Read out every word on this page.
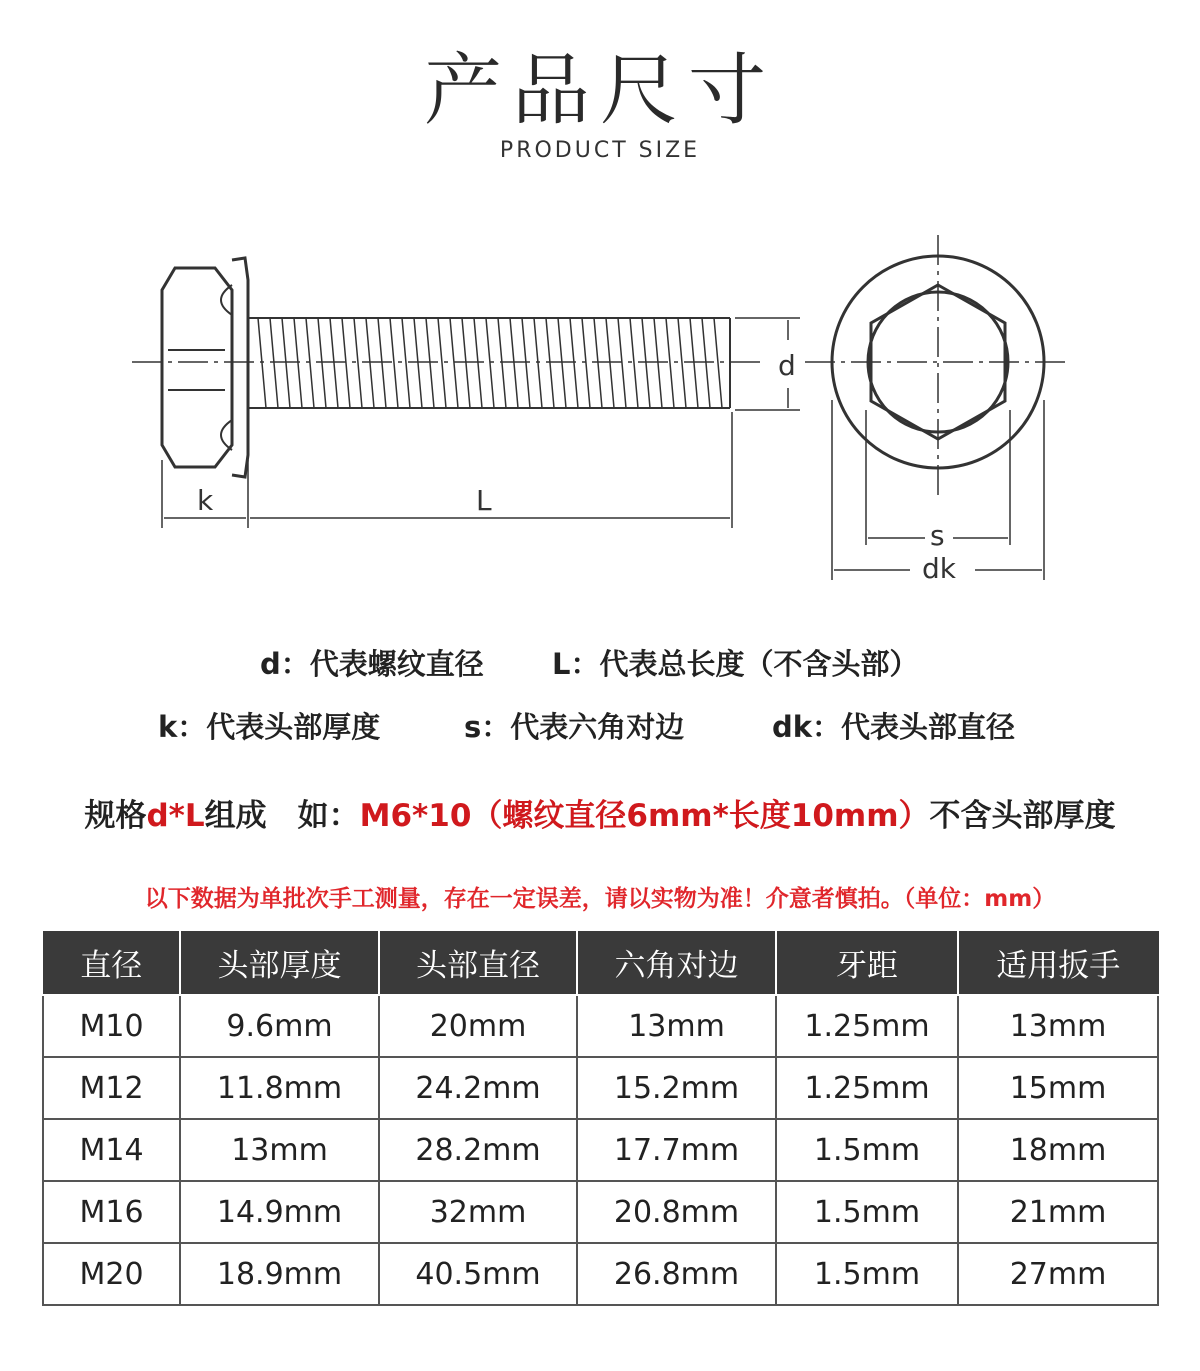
产品尺寸
PRODUCT SIZE
k	L
d
s
dk
d：代表螺纹直径 L：代表总长度（不含头部）
k：代表头部厚度	s：代表六角对边	dk：代表头部直径
规格d*L组成　如：M6*10（螺纹直径6mm*长度10mm）不含头部厚度
以下数据为单批次手工测量，存在一定误差，请以实物为准！介意者慎拍。（单位：mm）
直径	头部厚度	头部直径	六角对边	牙距	适用扳手
M10	9.6mm	20mm	13mm	1.25mm	13mm
M12	11.8mm	24.2mm	15.2mm	1.25mm	15mm
M14	13mm	28.2mm	17.7mm	1.5mm	18mm
M16	14.9mm	32mm	20.8mm	1.5mm	21mm
M20	18.9mm	40.5mm	26.8mm	1.5mm	27mm
